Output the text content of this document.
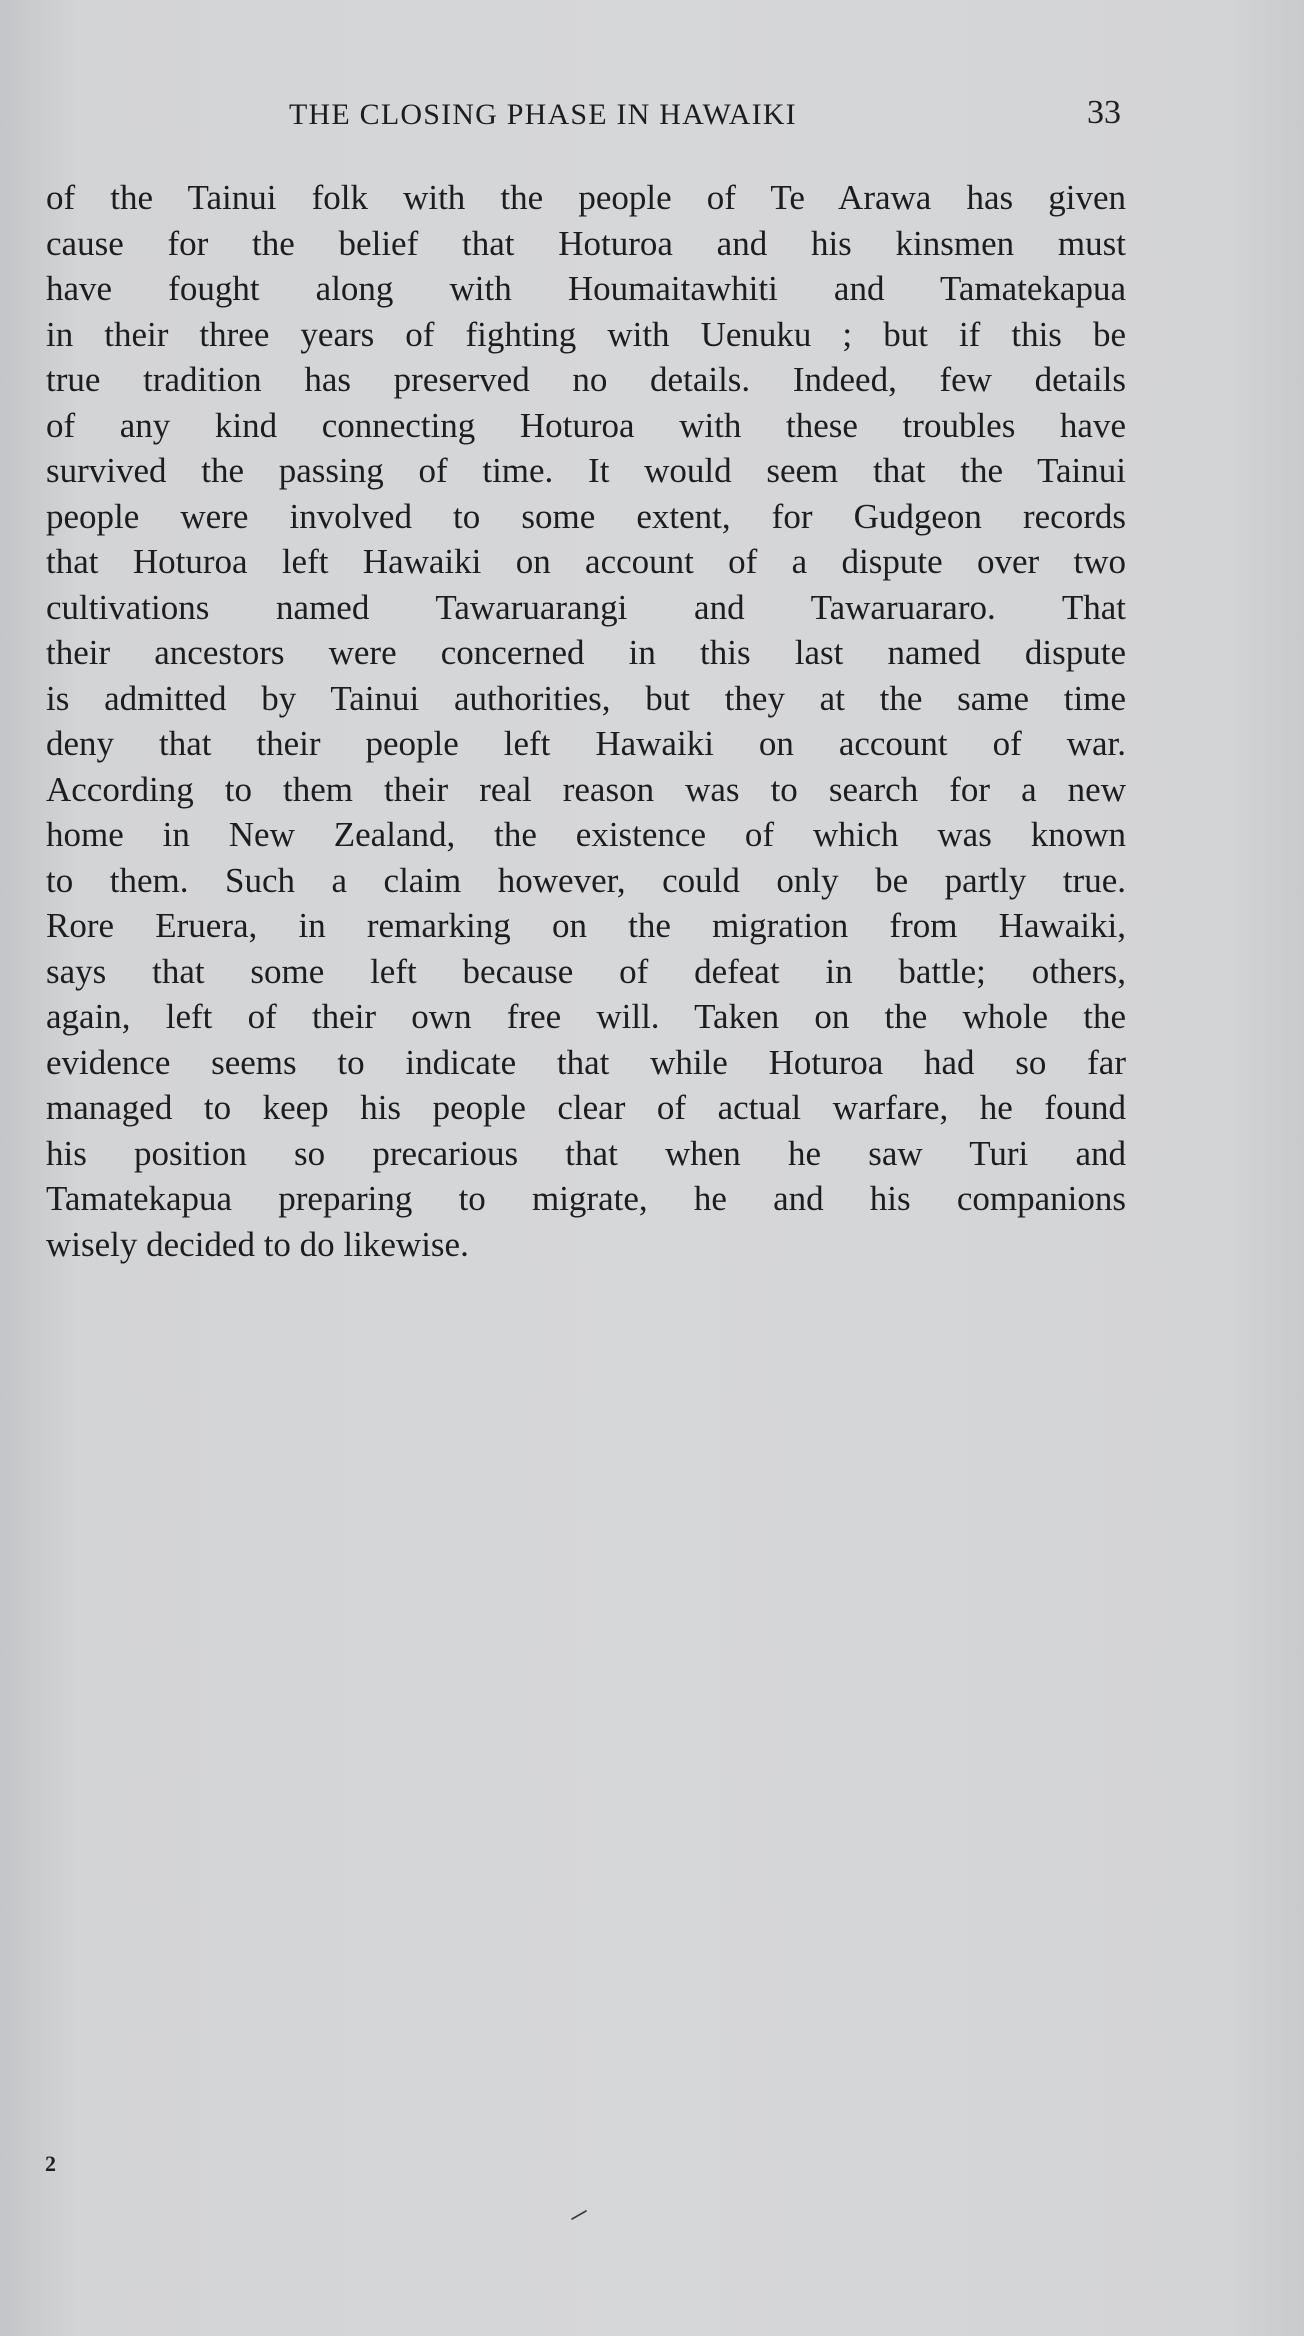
THE CLOSING PHASE IN HAWAIKI	33
of the Tainui folk with the people of Te Arawa has given
cause for the belief that Hoturoa and his kinsmen must
have fought along with Houmaitawhiti and Tamatekapua
in their three years of fighting with Uenuku ; but if this be
true tradition has preserved no details. Indeed, few details
of any kind connecting Hoturoa with these troubles have
survived the passing of time. It would seem that the Tainui
people were involved to some extent, for Gudgeon records
that Hoturoa left Hawaiki on account of a dispute over two
cultivations named Tawaruarangi and Tawaruararo. That
their ancestors were concerned in this last named dispute
is admitted by Tainui authorities, but they at the same time
deny that their people left Hawaiki on account of war.
According to them their real reason was to search for a new
home in New Zealand, the existence of which was known
to them. Such a claim however, could only be partly true.
Rore Eruera, in remarking on the migration from Hawaiki,
says that some left because of defeat in battle; others,
again, left of their own free will. Taken on the whole the
evidence seems to indicate that while Hoturoa had so far
managed to keep his people clear of actual warfare, he found
his position so precarious that when he saw Turi and
Tamatekapua preparing to migrate, he and his companions
wisely decided to do likewise.
2
